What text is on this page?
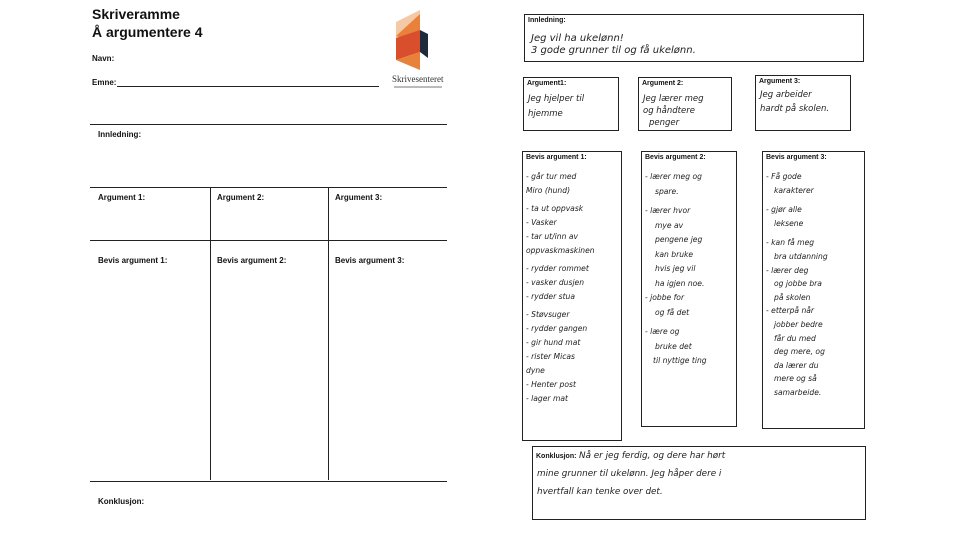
Skriveramme
Å argumentere 4
Navn:
Emne:	Skrivesenteret
Innledning:
Argument 1:	Argument 2:	Argument 3:
Bevis argument 1:	Bevis argument 2:	Bevis argument 3:
Konklusjon:
Innledning:
Jeg vil ha ukelønn!
3 gode grunner til og få ukelønn.
Argument1:
Jeg hjelper til
hjemme
Argument 2:
Jeg lærer meg
og håndtere
penger
Argument 3:
Jeg arbeider
hardt på skolen.
Bevis argument 1:
- går tur med
Miro (hund)
- ta ut oppvask
- Vasker
- tar ut/inn av
oppvaskmaskinen
- rydder rommet
- vasker dusjen
- rydder stua
- Støvsuger
- rydder gangen
- gir hund mat
- rister Micas
dyne
- Henter post
- lager mat
Bevis argument 2:
- lærer meg og
spare.
- lærer hvor
mye av
pengene jeg
kan bruke
hvis jeg vil
ha igjen noe.
- jobbe for
og få det
- lære og
bruke det
til nyttige ting
Bevis argument 3:
- Få gode
karakterer
- gjør alle
leksene
- kan få meg
bra utdanning
- lærer deg
og jobbe bra
på skolen
- etterpå når
jobber bedre
får du med
deg mere, og
da lærer du
mere og så
samarbeide.
Konklusjon: Nå er jeg ferdig, og dere har hørt
mine grunner til ukelønn. Jeg håper dere i
hvertfall kan tenke over det.
